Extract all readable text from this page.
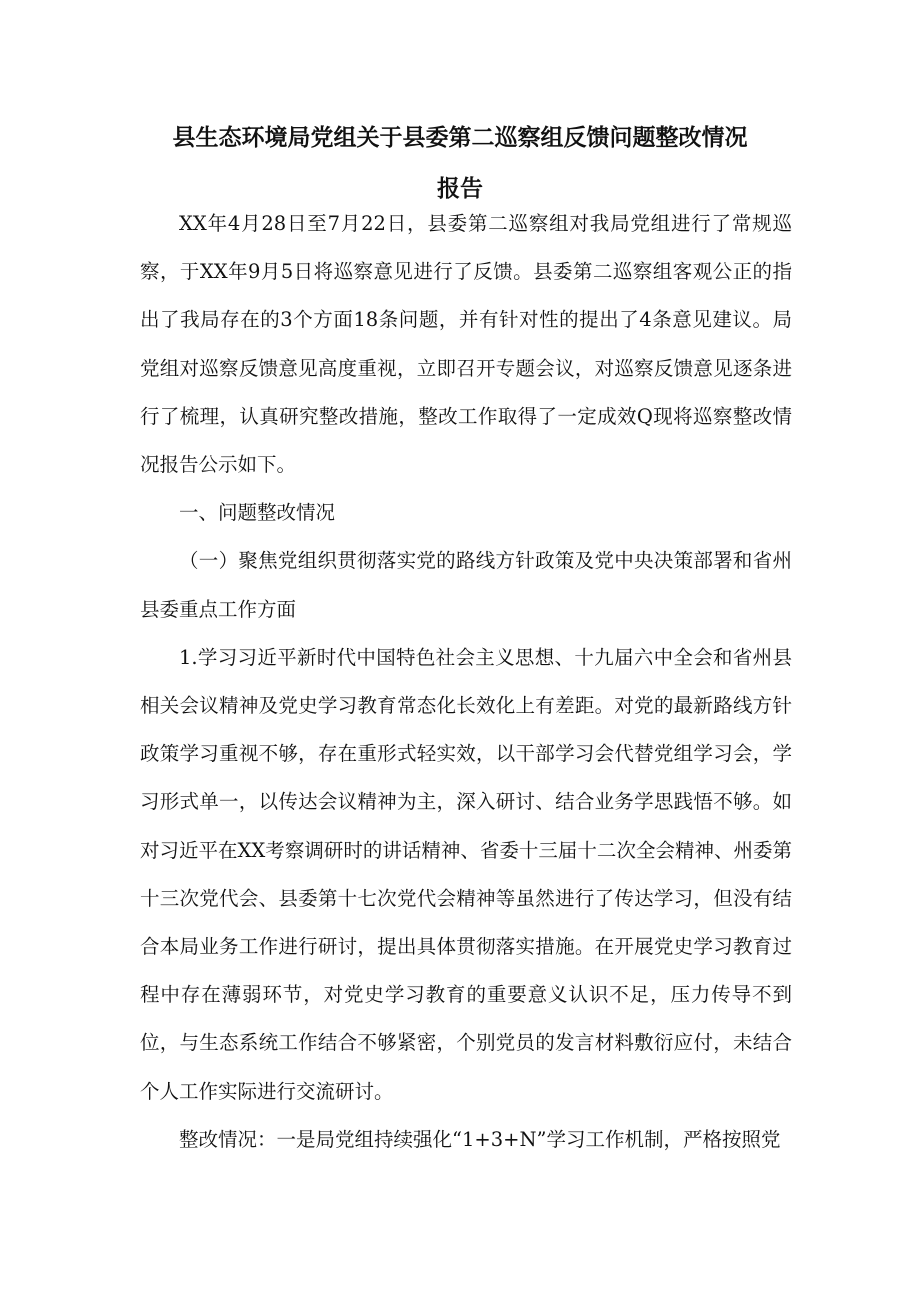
县生态环境局党组关于县委第二巡察组反馈问题整改情况
报告

XX年4月28日至7月22日，县委第二巡察组对我局党组进行了常规巡察，于XX年9月5日将巡察意见进行了反馈。县委第二巡察组客观公正的指出了我局存在的3个方面18条问题，并有针对性的提出了4条意见建议。局党组对巡察反馈意见高度重视，立即召开专题会议，对巡察反馈意见逐条进行了梳理，认真研究整改措施，整改工作取得了一定成效Q现将巡察整改情况报告公示如下。

一、问题整改情况

（一）聚焦党组织贯彻落实党的路线方针政策及党中央决策部署和省州县委重点工作方面

1.学习习近平新时代中国特色社会主义思想、十九届六中全会和省州县相关会议精神及党史学习教育常态化长效化上有差距。对党的最新路线方针政策学习重视不够，存在重形式轻实效，以干部学习会代替党组学习会，学习形式单一，以传达会议精神为主，深入研讨、结合业务学思践悟不够。如对习近平在XX考察调研时的讲话精神、省委十三届十二次全会精神、州委第十三次党代会、县委第十七次党代会精神等虽然进行了传达学习，但没有结合本局业务工作进行研讨，提出具体贯彻落实措施。在开展党史学习教育过程中存在薄弱环节，对党史学习教育的重要意义认识不足，压力传导不到位，与生态系统工作结合不够紧密，个别党员的发言材料敷衍应付，未结合个人工作实际进行交流研讨。

整改情况：一是局党组持续强化“1+3+N”学习工作机制，严格按照党
